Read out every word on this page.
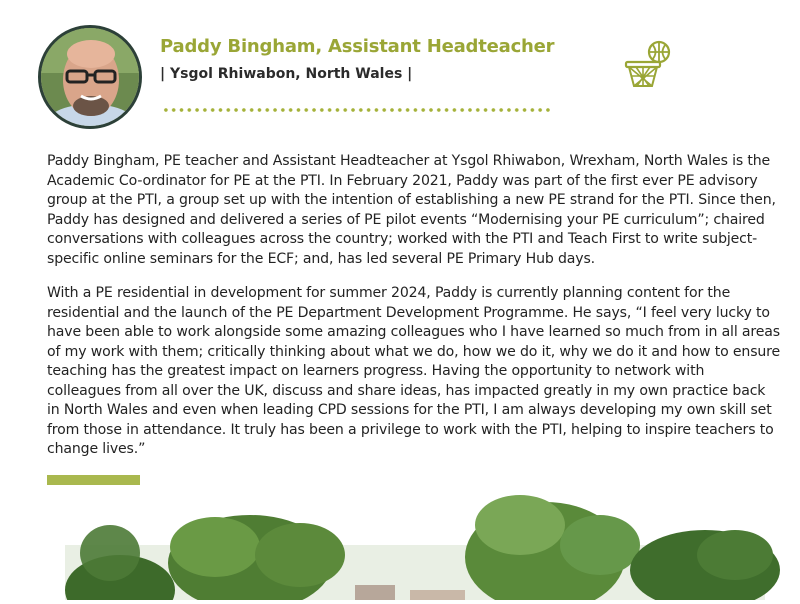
Paddy Bingham, Assistant Headteacher
| Ysgol Rhiwabon, North Wales |

Paddy Bingham, PE teacher and Assistant Headteacher at Ysgol Rhiwabon, Wrexham, North Wales is the Academic Co-ordinator for PE at the PTI. In February 2021, Paddy was part of the first ever PE advisory group at the PTI, a group set up with the intention of establishing a new PE strand for the PTI. Since then, Paddy has designed and delivered a series of PE pilot events “Modernising your PE curriculum”; chaired conversations with colleagues across the country; worked with the PTI and Teach First to write subject-specific online seminars for the ECF; and, has led several PE Primary Hub days.

With a PE residential in development for summer 2024, Paddy is currently planning content for the residential and the launch of the PE Department Development Programme. He says, “I feel very lucky to have been able to work alongside some amazing colleagues who I have learned so much from in all areas of my work with them; critically thinking about what we do, how we do it, why we do it and how to ensure teaching has the greatest impact on learners progress. Having the opportunity to network with colleagues from all over the UK, discuss and share ideas, has impacted greatly in my own practice back in North Wales and even when leading CPD sessions for the PTI, I am always developing my own skill set from those in attendance. It truly has been a privilege to work with the PTI, helping to inspire teachers to change lives.”
